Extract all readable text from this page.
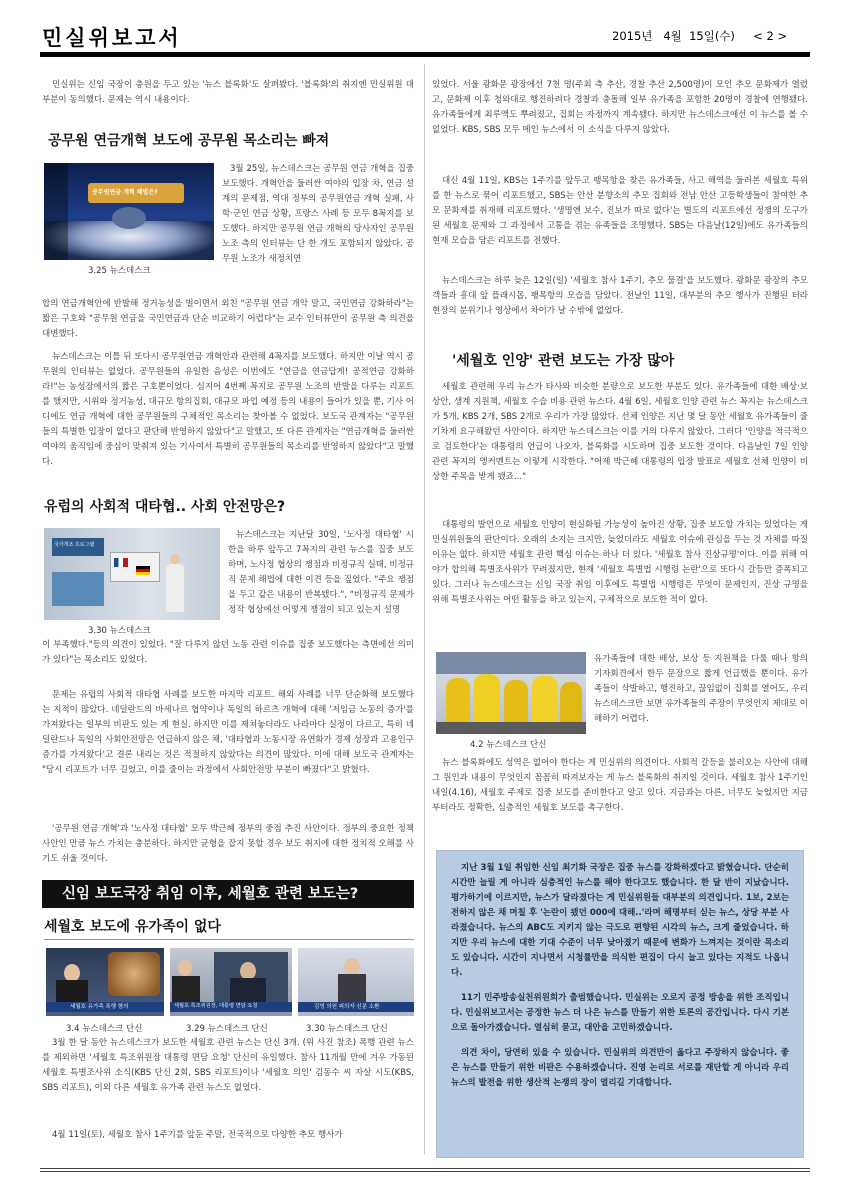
민실위보고서	2015년   4월  15일(수)     < 2 >

민실위는 신임 국장이 충원을 두고 있는 '뉴스 블록화'도 살펴봤다. '블록화'의 취지엔 민실위원 대부분이 동의했다. 문제는 역시 내용이다.

공무원 연금개혁 보도에 공무원 목소리는 빠져
공무원연금 개혁 해법은?
3.25 뉴스데스크

3월 25일, 뉴스데스크는 공무원 연금 개혁을 집중 보도했다. 개혁안을 둘러싼 여야의 입장 차, 연금 설계의 문제점, 역대 정부의 공무원연금 개혁 실패, 사학·군인 연금 상황, 프랑스 사례 등 모두 8꼭지를 보도했다. 하지만 공무원 연금 개혁의 당사자인 공무원 노조 측의 인터뷰는 단 한 개도 포함되지 않았다. 공무원 노조가 새정치연

합의 연금개혁안에 반발해 정거농성을 벌이면서 외친 "공무원 연금 개악 말고, 국민연금 강화하라"는 짧은 구호와 "공무원 연금을 국민연금과 단순 비교하기 어렵다"는 교수 인터뷰만이 공무원 측 의견을 대변했다.

뉴스데스크는 이틀 뒤 또다시 공무원연금 개혁안과 관련해 4꼭지를 보도했다. 하지만 이날 역시 공무원의 인터뷰는 없었다. 공무원들의 유일한 음성은 이번에도 "연금을 연금답게! 공적연금 강화하라!"는 농성장에서의 짧은 구호뿐이었다. 심지어 4번째 꼭지로 공무원 노조의 반발을 다루는 리포트를 했지만, 시위와 정거농성, 대규모 항의집회, 대규모 파업 예정 등의 내용이 들어가 있을 뿐, 기사 어디에도 연금 개혁에 대한 공무원들의 구체적인 목소리는 찾아볼 수 없었다. 보도국 관계자는 "공무원들의 특별한 입장이 없다고 판단해 반영하지 않았다"고 말했고, 또 다른 관계자는 "연금개혁을 둘러싼 여야의 움직임에 중심이 맞춰져 있는 기사여서 특별히 공무원들의 목소리를 반영하지 않았다"고 말했다.

유럽의 사회적 대타협.. 사회 안전망은?
국가개조 프로그램
3.30 뉴스데스크

뉴스데스크는 지난달 30일, '노사정 대타협' 시한을 하루 앞두고 7꼭지의 관련 뉴스를 집중 보도하며, 노사정 협상의 쟁점과 비정규직 실태, 비정규직 문제 해법에 대한 이견 등을 짚었다. "주요 쟁점을 두고 같은 내용이 반복됐다.", "비정규직 문제가 정작 협상에선 어떻게 쟁점이 되고 있는지 설명

이 부족했다."등의 의견이 있었다. "잘 다루지 않던 노동 관련 이슈를 집중 보도했다는 측면에선 의미가 있다"는 목소리도 있었다.

문제는 유럽의 사회적 대타협 사례를 보도한 마지막 리포트. 해외 사례를 너무 단순화해 보도했다는 지적이 많았다. 네덜란드의 바세나르 협약이나 독일의 하르츠 개혁에 대해 '저임금 노동의 증가'를 가져왔다는 일부의 비판도 있는 게 현실. 하지만 이를 제쳐놓더라도 나라마다 실정이 다르고, 특히 네덜란드나 독일의 사회안전망은 언급하지 않은 채, '대타협과 노동시장 유연화가 경제 성장과 고용인구 증가를 가져왔다'고 결론 내리는 것은 적절하지 않았다는 의견이 많았다. 이에 대해 보도국 관계자는 "당시 리포트가 너무 길었고, 이를 줄이는 과정에서 사회안전망 부분이 빠졌다"고 밝혔다.

'공무원 연금 개혁'과 '노사정 대타협' 모두 박근혜 정부의 중점 추진 사안이다. 정부의 중요한 정책 사안인 만큼 뉴스 가치는 충분하다. 하지만 균형을 잡지 못할 경우 보도 취지에 대한 정치적 오해를 사기도 쉬울 것이다.

신임 보도국장 취임 이후, 세월호 관련 보도는?
세월호 보도에 유가족이 없다
세월호 유가족 폭행 혐의
3.4 뉴스데스크 단신
세월호 특조위원장, 대통령 면담 요청
3.29 뉴스데스크 단신
김영 의원 피의자 신분 소환
3.30 뉴스데스크 단신

3월 한 달 동안 뉴스데스크가 보도한 세월호 관련 뉴스는 단신 3개. (위 사진 참조) 폭행 관련 뉴스를 제외하면 '세월호 특조위원장 대통령 면담 요청' 단신이 유일했다. 참사 11개월 만에 겨우 가동된 세월호 특별조사위 소식(KBS 단신 2회, SBS 리포트)이나 '세월호 의인' 김동수 씨 자살 시도(KBS, SBS 리포트), 이외 다른 세월호 유가족 관련 뉴스도 없었다.

4월 11일(토), 세월호 참사 1주기를 앞둔 주말, 전국적으로 다양한 추모 행사가

있었다. 서울 광화문 광장에선 7천 명(주최 측 추산, 경찰 추산 2,500명)이 모인 추모 문화제가 열렸고, 문화제 이후 청와대로 행진하려다 경찰과 충돌해 일부 유가족을 포함한 20명이 경찰에 연행됐다. 유가족들에게 최루액도 뿌려졌고, 집회는 자정까지 계속됐다. 하지만 뉴스데스크에선 이 뉴스를 볼 수 없었다. KBS, SBS 모두 메인 뉴스에서 이 소식을 다루지 않았다.

대신 4월 11일, KBS는 1주기를 앞두고 팽목항을 찾은 유가족들, 사고 해역을 둘러본 세월호 특위를 한 뉴스로 묶어 리포트했고, SBS는 안산 분향소의 추모 집회와 전남 안산 고등학생들이 참여한 추모 문화제를 취재해 리포트했다. '생명엔 보수, 진보가 따로 없다'는 별도의 리포트에선 정쟁의 도구가 된 세월호 문제와 그 과정에서 고통을 겪는 유족들을 조명했다. SBS는 다음날(12일)에도 유가족들의 현재 모습을 담은 리포트를 전했다.

뉴스데스크는 하루 늦은 12일(일) '세월호 참사 1주기, 추모 물결'을 보도했다. 광화문 광장의 추모객들과 흥대 앞 플래시몹, 팽목항의 모습을 담았다. 전날인 11일, 대부분의 추모 행사가 진행된 터라 현장의 분위기나 영상에서 차이가 날 수밖에 없었다.

'세월호 인양' 관련 보도는 가장 많아

세월호 관련해 우리 뉴스가 타사와 비슷한 분량으로 보도한 부분도 있다. 유가족들에 대한 배상·보상안, 생계 지원책, 세월호 수습 비용 관련 뉴스다. 4월 6일, 세월호 인양 관련 뉴스 꼭지는 뉴스데스크가 5개, KBS 2개, SBS 2개로 우리가 가장 많았다. 선체 인양은 지난 몇 달 동안 세월호 유가족들이 줄기차게 요구해왔던 사안이다. 하지만 뉴스데스크는 이를 거의 다루지 않았다. 그러다 '인양을 적극적으로 검토한다'는 대통령의 언급이 나오자, 블록화를 시도하며 집중 보도한 것이다. 다음날인 7일 인양 관련 꼭지의 앵커멘트는 이렇게 시작한다. "어제 박근혜 대통령의 입장 발표로 세월호 선체 인양이 비상한 주목을 받게 됐죠..."

대통령의 발언으로 세월호 인양이 현실화될 가능성이 높아진 상황, 집중 보도할 가치는 있었다는 게 민실위원들의 판단이다. 오래의 소지는 크지만, 늦었더라도 세월호 이슈에 관심을 두는 것 자체를 따질 이유는 없다. 하지만 세월호 관련 핵심 이슈는 하나 더 있다. '세월호 참사 진상규명'이다. 이를 위해 여야가 합의해 특별조사위가 꾸려졌지만, 현재 '세월호 특별법 시행령 논란'으로 또다시 갈등만 증폭되고 있다. 그러나 뉴스데스크는 신임 국장 취임 이후에도 특별법 시행령은 무엇이 문제인지, 진상 규명을 위해 특별조사위는 어떤 활동을 하고 있는지, 구체적으로 보도한 적이 없다.

4.2 뉴스데스크 단신

유가족들에 대한 배상, 보상 등 지원책을 다룰 때나 항의 기자회견에서 한두 문장으로 짧게 언급했을 뿐이다. 유가족들이 삭발하고, 행진하고, 끊임없이 집회를 열어도, 우리 뉴스데스크만 보면 유가족들의 주장이 무엇인지 제대로 이해하기 어렵다.

뉴스 블록화에도 성역은 없어야 한다는 게 민실위의 의견이다. 사회적 갈등을 불러오는 사안에 대해 그 원인과 내용이 무엇인지 꼼꼼히 따져보자는 게 뉴스 블록화의 취지일 것이다. 세월호 참사 1주기인 내일(4.16), 세월호 주제로 집중 보도를 준비한다고 알고 있다. 지금과는 다른, 너무도 늦었지만 지금부터라도 정확한, 심층적인 세월호 보도를 촉구한다.

지난 3월 1일 취임한 신임 최기화 국장은 집중 뉴스를 강화하겠다고 밝혔습니다. 단순히 시간만 늘릴 게 아니라 심층적인 뉴스를 해야 한다고도 했습니다. 한 달 반이 지났습니다. 평가하기에 이르지만, 뉴스가 달라졌다는 게 민실위원들 대부분의 의견입니다. 1보, 2보는 전하지 않은 채 며칠 후 '논란이 됐던 000에 대해..'라며 해명부터 싣는 뉴스, 상당 부분 사라졌습니다. 뉴스의 ABC도 지키지 않는 극도로 편향된 시각의 뉴스, 크게 줄었습니다. 하지만 우리 뉴스에 대한 기대 수준이 너무 낮아졌기 때문에 변화가 느껴지는 것이란 목소리도 있습니다. 시간이 지나면서 시청률만을 의식한 편집이 다시 늘고 있다는 지적도 나옵니다.

11기 민주방송실천위원회가 출범했습니다. 민실위는 오로지 공정 방송을 위한 조직입니다. 민실위보고서는 공정한 뉴스 더 나은 뉴스를 만들기 위한 토론의 공간입니다. 다시 기본으로 돌아가겠습니다. 열심히 묻고, 대안을 고민하겠습니다.

의견 차이, 당연히 있을 수 있습니다. 민실위의 의견만이 옳다고 주장하지 않습니다. 좋은 뉴스를 만들기 위한 비판은 수용하겠습니다. 진영 논리로 서로를 재단할 게 아니라 우리 뉴스의 발전을 위한 생산적 논쟁의 장이 열리길 기대합니다.
